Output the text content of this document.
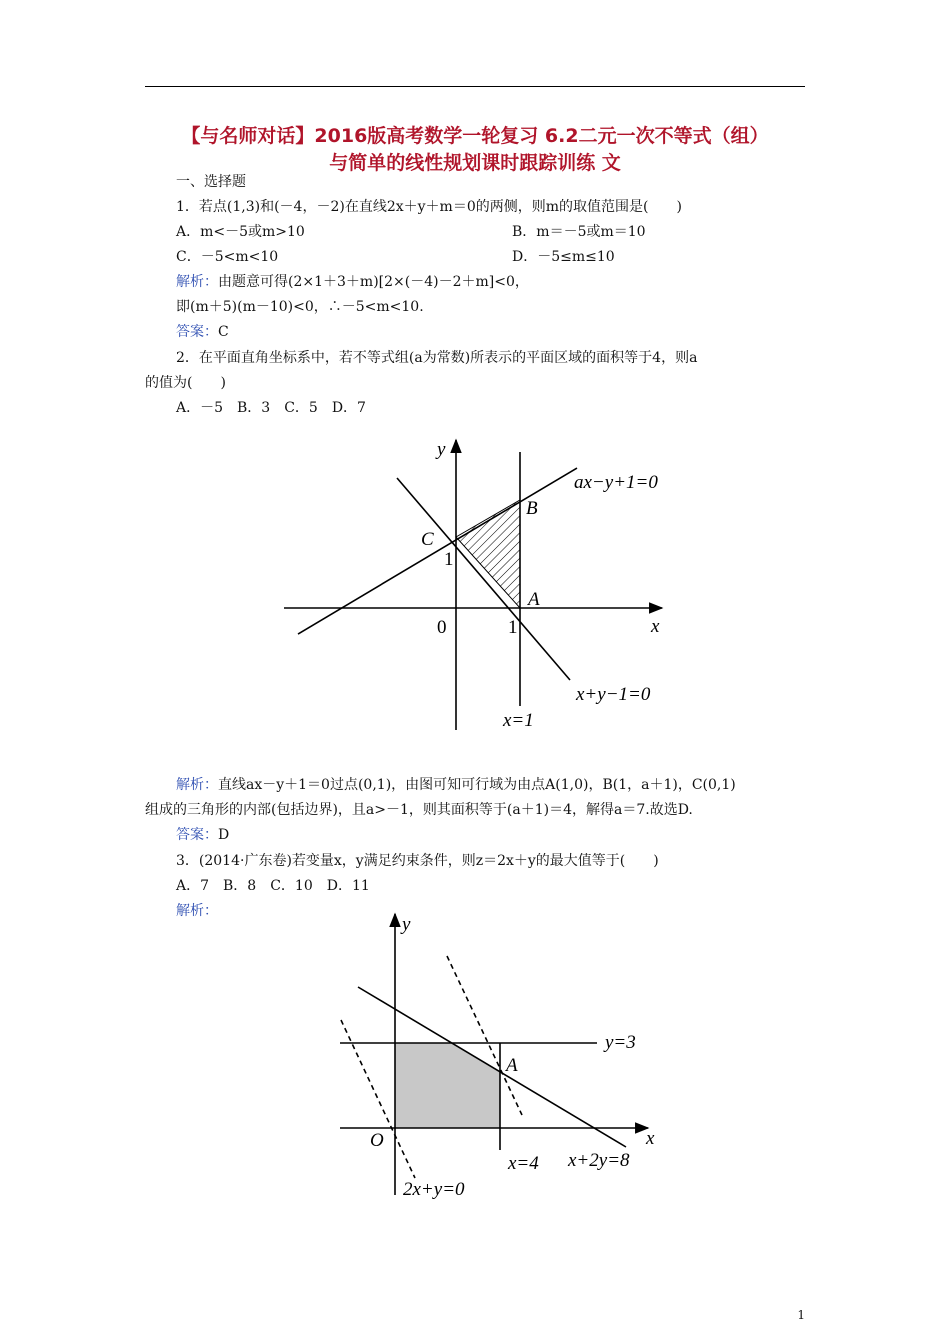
【与名师对话】2016版高考数学一轮复习 6.2二元一次不等式（组）
与简单的线性规划课时跟踪训练 文
一、选择题
1．若点(1,3)和(－4，－2)在直线2x＋y＋m＝0的两侧，则m的取值范围是(　　)
A．m<－5或m>10	B．m＝－5或m＝10
C．－5<m<10	D．－5≤m≤10
解析：由题意可得(2×1＋3＋m)[2×(－4)－2＋m]<0，
即(m＋5)(m－10)<0，∴－5<m<10.
答案：C
2．在平面直角坐标系中，若不等式组(a为常数)所表示的平面区域的面积等于4，则a
的值为(　　)
A．－5　B．3　C．5　D．7
y
x
ax−y+1=0
x+y−1=0
x=1
B
C
A
1
0	1
y
x
y=3
A
O
x=4 x+2y=8
2x+y=0
解析：直线ax－y＋1＝0过点(0,1)，由图可知可行域为由点A(1,0)，B(1，a＋1)，C(0,1)
组成的三角形的内部(包括边界)，且a>－1，则其面积等于(a＋1)＝4，解得a＝7.故选D.
答案：D
3．(2014·广东卷)若变量x，y满足约束条件，则z＝2x＋y的最大值等于(　　)
A．7　B．8　C．10　D．11
解析：
1
